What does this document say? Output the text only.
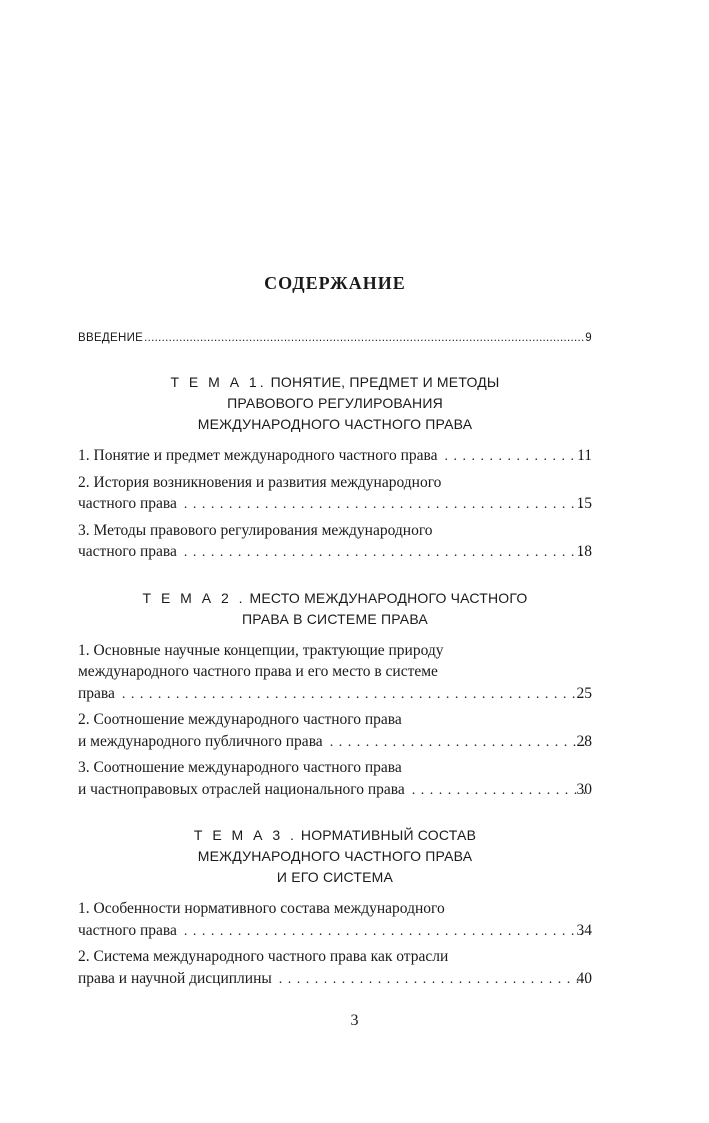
СОДЕРЖАНИЕ
ВВЕДЕНИЕ .....	9
Т Е М А 1. ПОНЯТИЕ, ПРЕДМЕТ И МЕТОДЫ
ПРАВОВОГО РЕГУЛИРОВАНИЯ
МЕЖДУНАРОДНОГО ЧАСТНОГО ПРАВА
1. Понятие и предмет международного частного права . . .	11
2. История возникновения и развития международного
частного права . . .	15
3. Методы правового регулирования международного
частного права . . .	18
Т Е М А 2 . МЕСТО МЕЖДУНАРОДНОГО ЧАСТНОГО
ПРАВА В СИСТЕМЕ ПРАВА
1. Основные научные концепции, трактующие природу
международного частного права и его место в системе
права . . .	25
2. Соотношение международного частного права
и международного публичного права . . .	28
3. Соотношение международного частного права
и частноправовых отраслей национального права . . .	30
Т Е М А 3 . НОРМАТИВНЫЙ СОСТАВ
МЕЖДУНАРОДНОГО ЧАСТНОГО ПРАВА
И ЕГО СИСТЕМА
1. Особенности нормативного состава международного
частного права . . .	34
2. Система международного частного права как отрасли
права и научной дисциплины . . .	40
3
